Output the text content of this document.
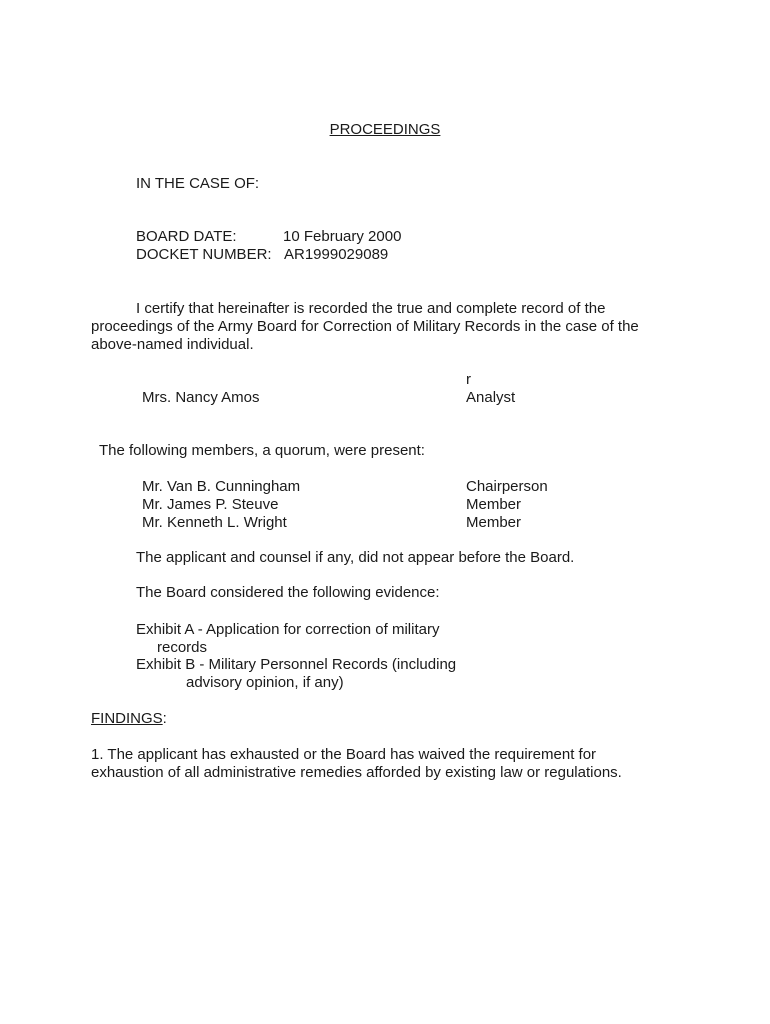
PROCEEDINGS
IN THE CASE OF:
BOARD DATE:	10 February 2000
DOCKET NUMBER: AR1999029089
I certify that hereinafter is recorded the true and complete record of the
proceedings of the Army Board for Correction of Military Records in the case of the
above-named individual.
r
Mrs. Nancy Amos	Analyst
The following members, a quorum, were present:
Mr. Van B. Cunningham	Chairperson
Mr. James P. Steuve	Member
Mr. Kenneth L. Wright	Member
The applicant and counsel if any, did not appear before the Board.
The Board considered the following evidence:
Exhibit A - Application for correction of military
records
Exhibit B - Military Personnel Records (including
advisory opinion, if any)
FINDINGS:
1. The applicant has exhausted or the Board has waived the requirement for
exhaustion of all administrative remedies afforded by existing law or regulations.
